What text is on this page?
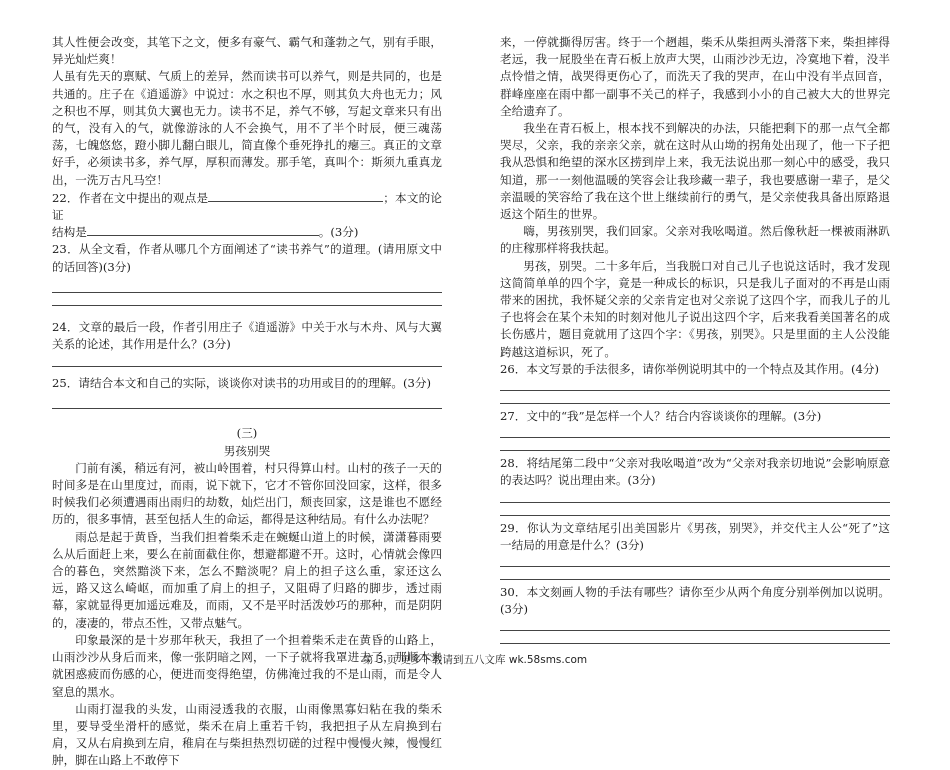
其人性便会改变，其笔下之文，便多有豪气、霸气和蓬勃之气，别有手眼，异光灿烂爽！

人虽有先天的禀赋、气质上的差异，然而读书可以养气，则是共同的，也是共通的。庄子在《逍遥游》中说过：水之积也不厚，则其负大舟也无力；风之积也不厚，则其负大翼也无力。读书不足，养气不够，写起文章来只有出的气，没有入的气，就像游泳的人不会换气，用不了半个时辰，便三魂荡荡，七魄悠悠，蹬小脚儿翻白眼儿，简直像个垂死挣扎的瘪三。真正的文章好手，必须读书多，养气厚，厚积而薄发。那手笔，真叫个：斯须九重真龙出，一洗万古凡马空！

22．作者在文中提出的观点是	；本文的论证

结构是	。(3分)

23．从全文看，作者从哪几个方面阐述了“读书养气”的道理。(请用原文中的话回答)(3分)

24．文章的最后一段，作者引用庄子《逍遥游》中关于水与木舟、风与大翼关系的论述，其作用是什么？(3分)

25．请结合本文和自己的实际，谈谈你对读书的功用或目的的理解。(3分)

(三)

男孩别哭

门前有溪，稍远有河，被山岭围着，村只得算山村。山村的孩子一天的时间多是在山里度过，而雨，说下就下，它才不管你回没回家，这样，很多时候我们必须遭遇雨出雨归的劫数，灿烂出门，颓丧回家，这是谁也不愿经历的，很多事情，甚至包括人生的命运，都得是这种结局。有什么办法呢？

雨总是起于黄昏，当我们担着柴禾走在蜿蜒山道上的时候，潇潇暮雨要么从后面赶上来，要么在前面截住你，想避都避不开。这时，心情就会像四合的暮色，突然黯淡下来，怎么不黯淡呢？肩上的担子这么重，家还这么远，路又这么崎岖，而加重了肩上的担子，又阻碍了归路的脚步，透过雨幕，家就显得更加遥远难及，而雨，又不是平时活泼妙巧的那种，而是阴阴的，凄凄的，带点丕性，又带点魅气。

印象最深的是十岁那年秋天，我担了一个担着柴禾走在黄昏的山路上，山雨沙沙从身后而来，像一张阴暗之网，一下子就将我罩进去了，那顺本来就困惑疲而伤感的心，便进而变得绝望，仿佛淹过我的不是山雨，而是令人窒息的黑水。

山雨打湿我的头发，山雨浸透我的衣服，山雨像黑寡妇粘在我的柴禾里，要导受坐滑杆的感觉，柴禾在肩上重若千钧，我把担子从左肩换到右肩，又从右肩换到左肩，稚肩在与柴担热烈切磋的过程中慢慢火辣，慢慢红肿，脚在山路上不敢停下

来，一停就撕得厉害。终于一个趔趄，柴禾从柴担两头滑落下来，柴担摔得老远，我一屁股坐在青石板上放声大哭，山雨沙沙无边，冷寞地下着，没半点怜惜之情，战哭得更伤心了，而洗天了我的哭声，在山中没有半点回音，群峰座座在雨中都一副事不关己的样子，我感到小小的自己被大大的世界完全给遗弃了。

我坐在青石板上，根本找不到解决的办法，只能把剩下的那一点气全都哭尽，父亲，我的亲亲父亲，就在这时从山坳的拐角处出现了，他一下子把我从恐惧和绝望的深水区捞到岸上来，我无法说出那一刻心中的感受，我只知道，那一一刻他温暖的笑容会让我珍藏一辈子，我也要感谢一辈子，是父亲温暖的笑容给了我在这个世上继续前行的勇气，是父亲使我具备出原路退返这个陌生的世界。

嗨，男孩别哭，我们回家。父亲对我吆喝道。然后像秋赶一棵被雨淋趴的庄稼那样将我扶起。

男孩，别哭。二十多年后，当我脱口对自己儿子也说这话时，我才发现这简简单单的四个字，竟是一种成长的标识，只是我儿子面对的不再是山雨带来的困扰，我怀疑父亲的父亲肯定也对父亲说了这四个字，而我儿子的儿子也将会在某个未知的时刻对他儿子说出这四个字，后来我看美国著名的成长伤感片，题目竟就用了这四个字：《男孩，别哭》。只是里面的主人公没能跨越这道标识，死了。

26．本文写景的手法很多，请你举例说明其中的一个特点及其作用。(4分)

27．文中的“我”是怎样一个人？结合内容谈谈你的理解。(3分)

28．将结尾第二段中“父亲对我吆喝道”改为“父亲对我亲切地说”会影响原意的表达吗？说出理由来。(3分)

29．你认为文章结尾引出美国影片《男孩，别哭》，并交代主人公“死了”这一结局的用意是什么？(3分)

30．本文刻画人物的手法有哪些？请你至少从两个角度分别举例加以说明。(3分)

第 3 页 更多下载请到五八文库 wk.58sms.com
